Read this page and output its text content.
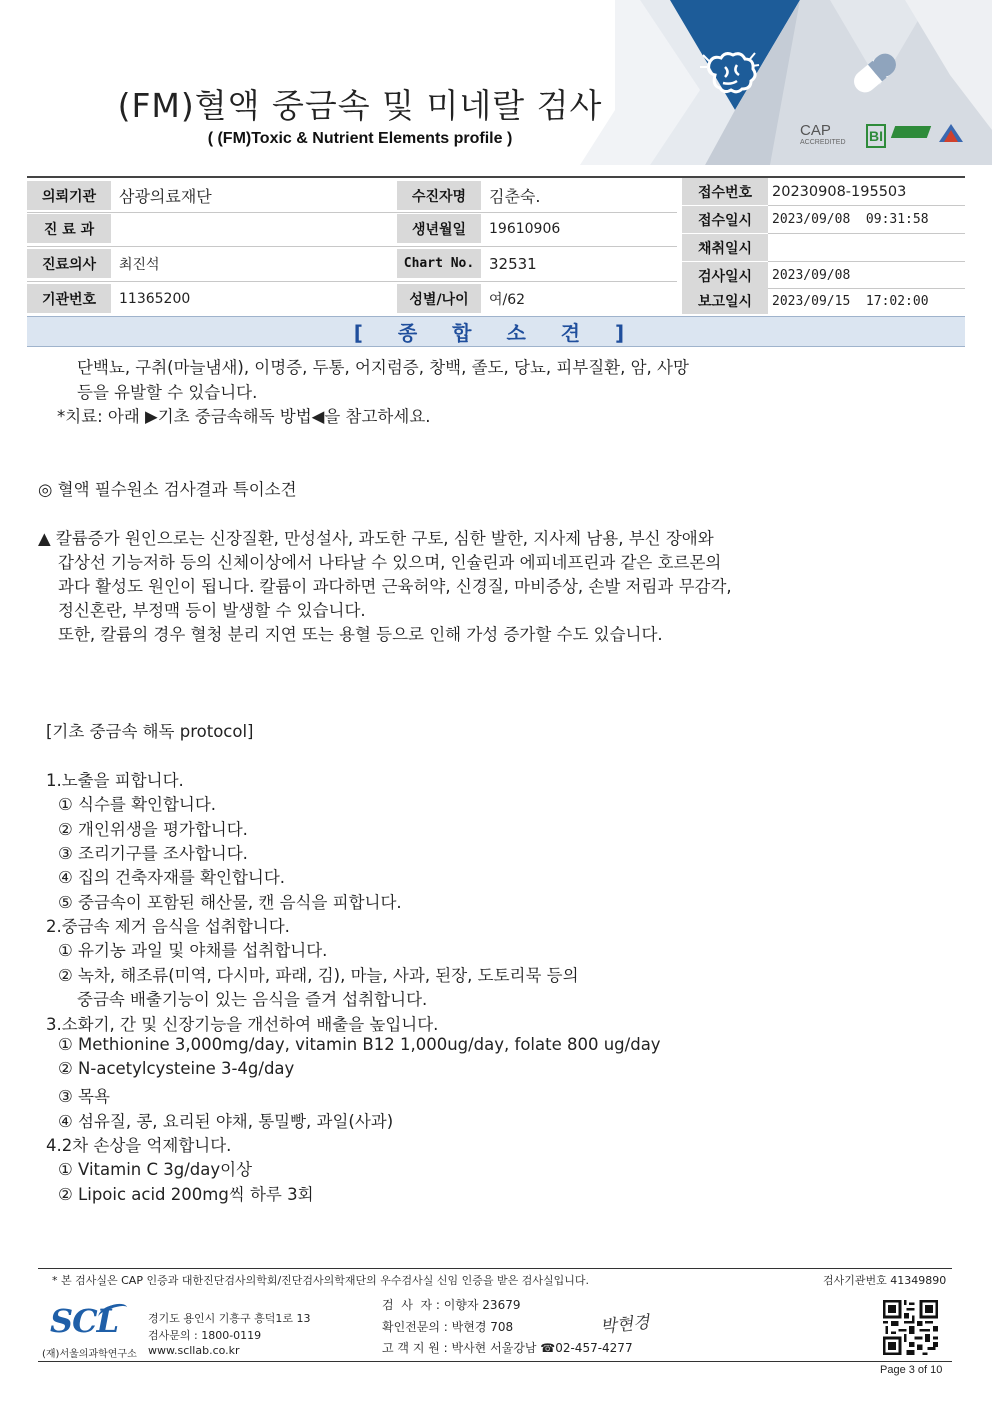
CAP
ACCREDITED BI
(FM)혈액 중금속 및 미네랄 검사
( (FM)Toxic & Nutrient Elements profile )
의뢰기관	삼광의료재단
진 료 과
진료의사	최진석
기관번호	11365200
수진자명	김춘숙.
생년월일	19610906
Chart No. 32531
성별/나이	여/62
접수번호	20230908-195503
접수일시	2023/09/08  09:31:58
채취일시
검사일시	2023/09/08
보고일시	2023/09/15  17:02:00
[ 종 합 소 견 ]
단백뇨, 구취(마늘냄새), 이명증, 두통, 어지럼증, 창백, 졸도, 당뇨, 피부질환, 암, 사망
등을 유발할 수 있습니다.
*치료: 아래 ▶기초 중금속해독 방법◀을 참고하세요.
◎ 혈액 필수원소 검사결과 특이소견
▲ 칼륨증가 원인으로는 신장질환, 만성설사, 과도한 구토, 심한 발한, 지사제 남용, 부신 장애와
갑상선 기능저하 등의 신체이상에서 나타날 수 있으며, 인슐린과 에피네프린과 같은 호르몬의
과다 활성도 원인이 됩니다. 칼륨이 과다하면 근육허약, 신경질, 마비증상, 손발 저림과 무감각,
정신혼란, 부정맥 등이 발생할 수 있습니다.
또한, 칼륨의 경우 혈청 분리 지연 또는 용혈 등으로 인해 가성 증가할 수도 있습니다.
[기초 중금속 해독 protocol]
1.노출을 피합니다.
① 식수를 확인합니다.
② 개인위생을 평가합니다.
③ 조리기구를 조사합니다.
④ 집의 건축자재를 확인합니다.
⑤ 중금속이 포함된 해산물, 캔 음식을 피합니다.
2.중금속 제거 음식을 섭취합니다.
① 유기농 과일 및 야채를 섭취합니다.
② 녹차, 해조류(미역, 다시마, 파래, 김), 마늘, 사과, 된장, 도토리묵 등의
중금속 배출기능이 있는 음식을 즐겨 섭취합니다.
3.소화기, 간 및 신장기능을 개선하여 배출을 높입니다.
① Methionine 3,000mg/day, vitamin B12 1,000ug/day, folate 800 ug/day
② N-acetylcysteine 3-4g/day
③ 목욕
④ 섬유질, 콩, 요리된 야채, 통밀빵, 과일(사과)
4.2차 손상을 억제합니다.
① Vitamin C 3g/day이상
② Lipoic acid 200mg씩 하루 3회
* 본 검사실은 CAP 인증과 대한진단검사의학회/진단검사의학재단의 우수검사실 신임 인증을 받은 검사실입니다.	검사기관번호 41349890
SCL
(재)서울의과학연구소
경기도 용인시 기흥구 흥덕1로 13
검사문의 : 1800-0119
www.scllab.co.kr
검  사  자 : 이향자 23679
확인전문의 : 박현경 708
고 객 지 원 : 박사현 서울강남 ☎02-457-4277
박현경
Page 3 of 10
